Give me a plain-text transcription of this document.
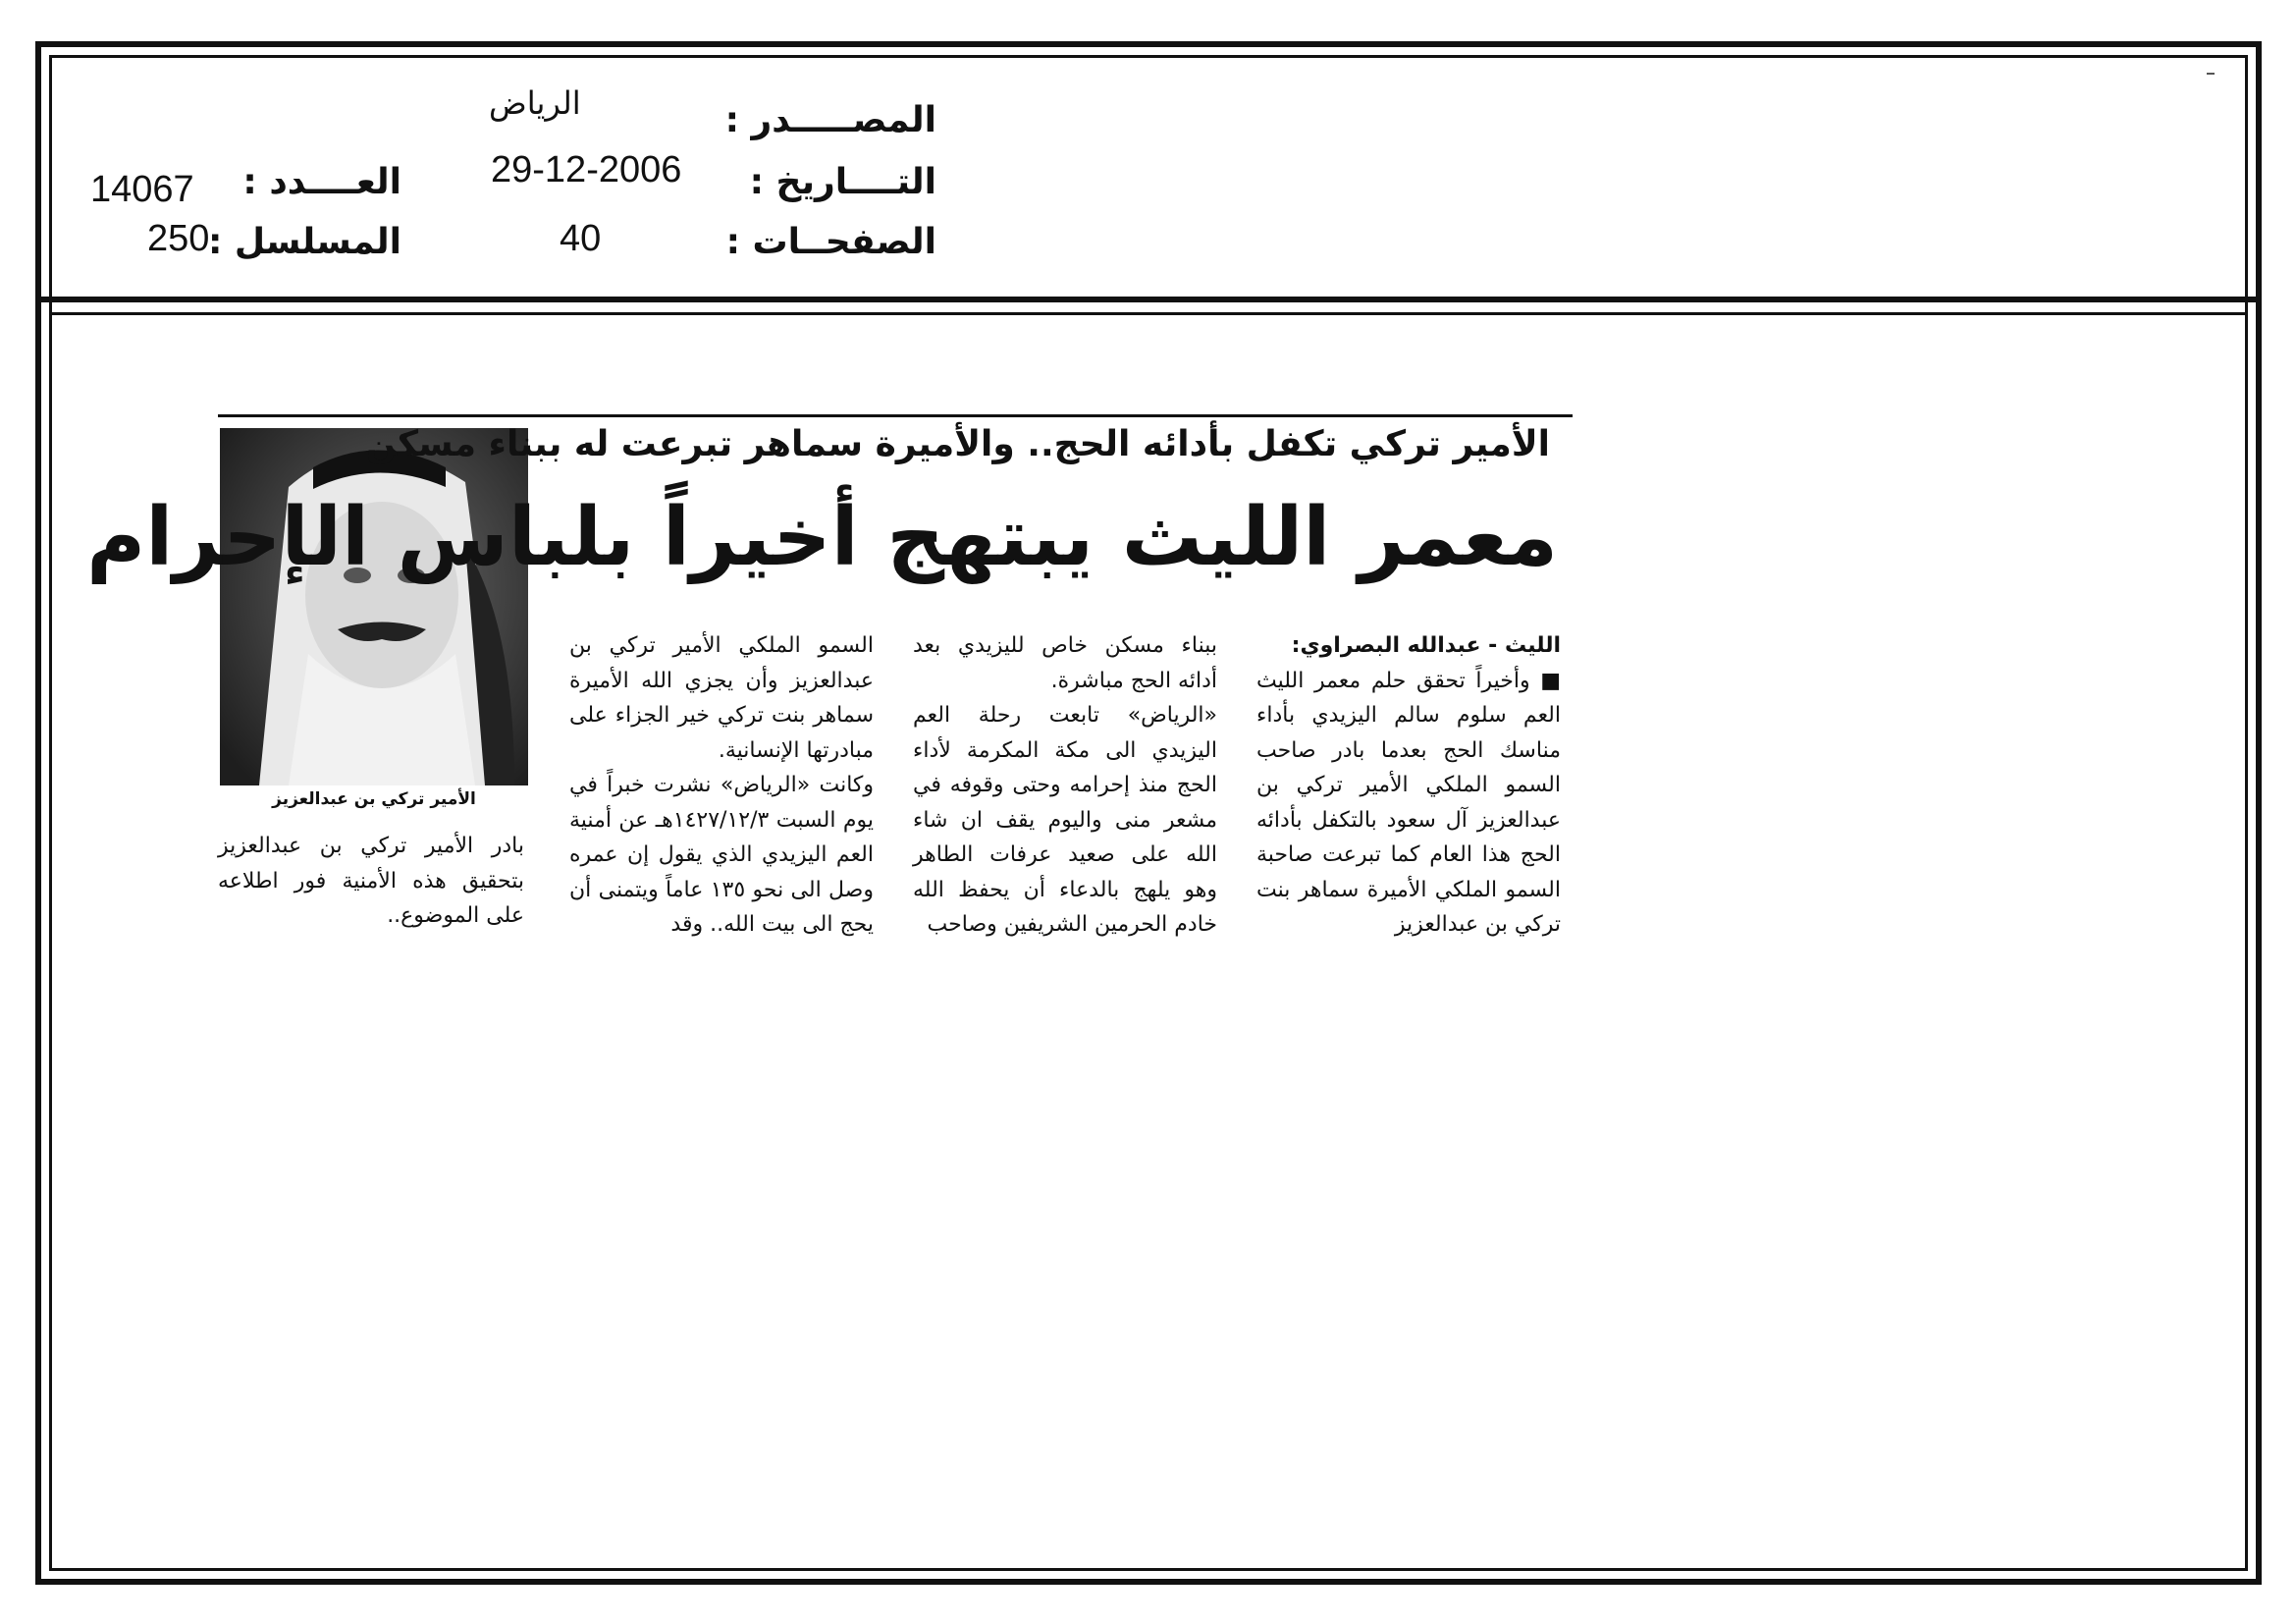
المصـــــدر :
التــــاريخ :
الصفحــات :
الرياض
29-12-2006
40
العــــدد :
المسلسل :
14067
250
الأمير تركي بن عبدالعزيز
الأمير تركي تكفل بأدائه الحج.. والأميرة سماهر تبرعت له ببناء مسكن
معمر الليث يبتهج أخيراً بلباس الإحرام

الليث - عبدالله البصراوي:

■ وأخيراً تحقق حلم معمر الليث العم سلوم سالم اليزيدي بأداء مناسك الحج بعدما بادر صاحب السمو الملكي الأمير تركي بن عبدالعزيز آل سعود بالتكفل بأدائه الحج هذا العام كما تبرعت صاحبة السمو الملكي الأميرة سماهر بنت تركي بن عبدالعزيز

ببناء مسكن خاص لليزيدي بعد أدائه الحج مباشرة.

«الرياض» تابعت رحلة العم اليزيدي الى مكة المكرمة لأداء الحج منذ إحرامه وحتى وقوفه في مشعر منى واليوم يقف ان شاء الله على صعيد عرفات الطاهر وهو يلهج بالدعاء أن يحفظ الله خادم الحرمين الشريفين وصاحب

السمو الملكي الأمير تركي بن عبدالعزيز وأن يجزي الله الأميرة سماهر بنت تركي خير الجزاء على مبادرتها الإنسانية.

وكانت «الرياض» نشرت خبراً في يوم السبت ١٤٢٧/١٢/٣هـ عن أمنية العم اليزيدي الذي يقول إن عمره وصل الى نحو ١٣٥ عاماً ويتمنى أن يحج الى بيت الله.. وقد

بادر الأمير تركي بن عبدالعزيز بتحقيق هذه الأمنية فور اطلاعه على الموضوع..
